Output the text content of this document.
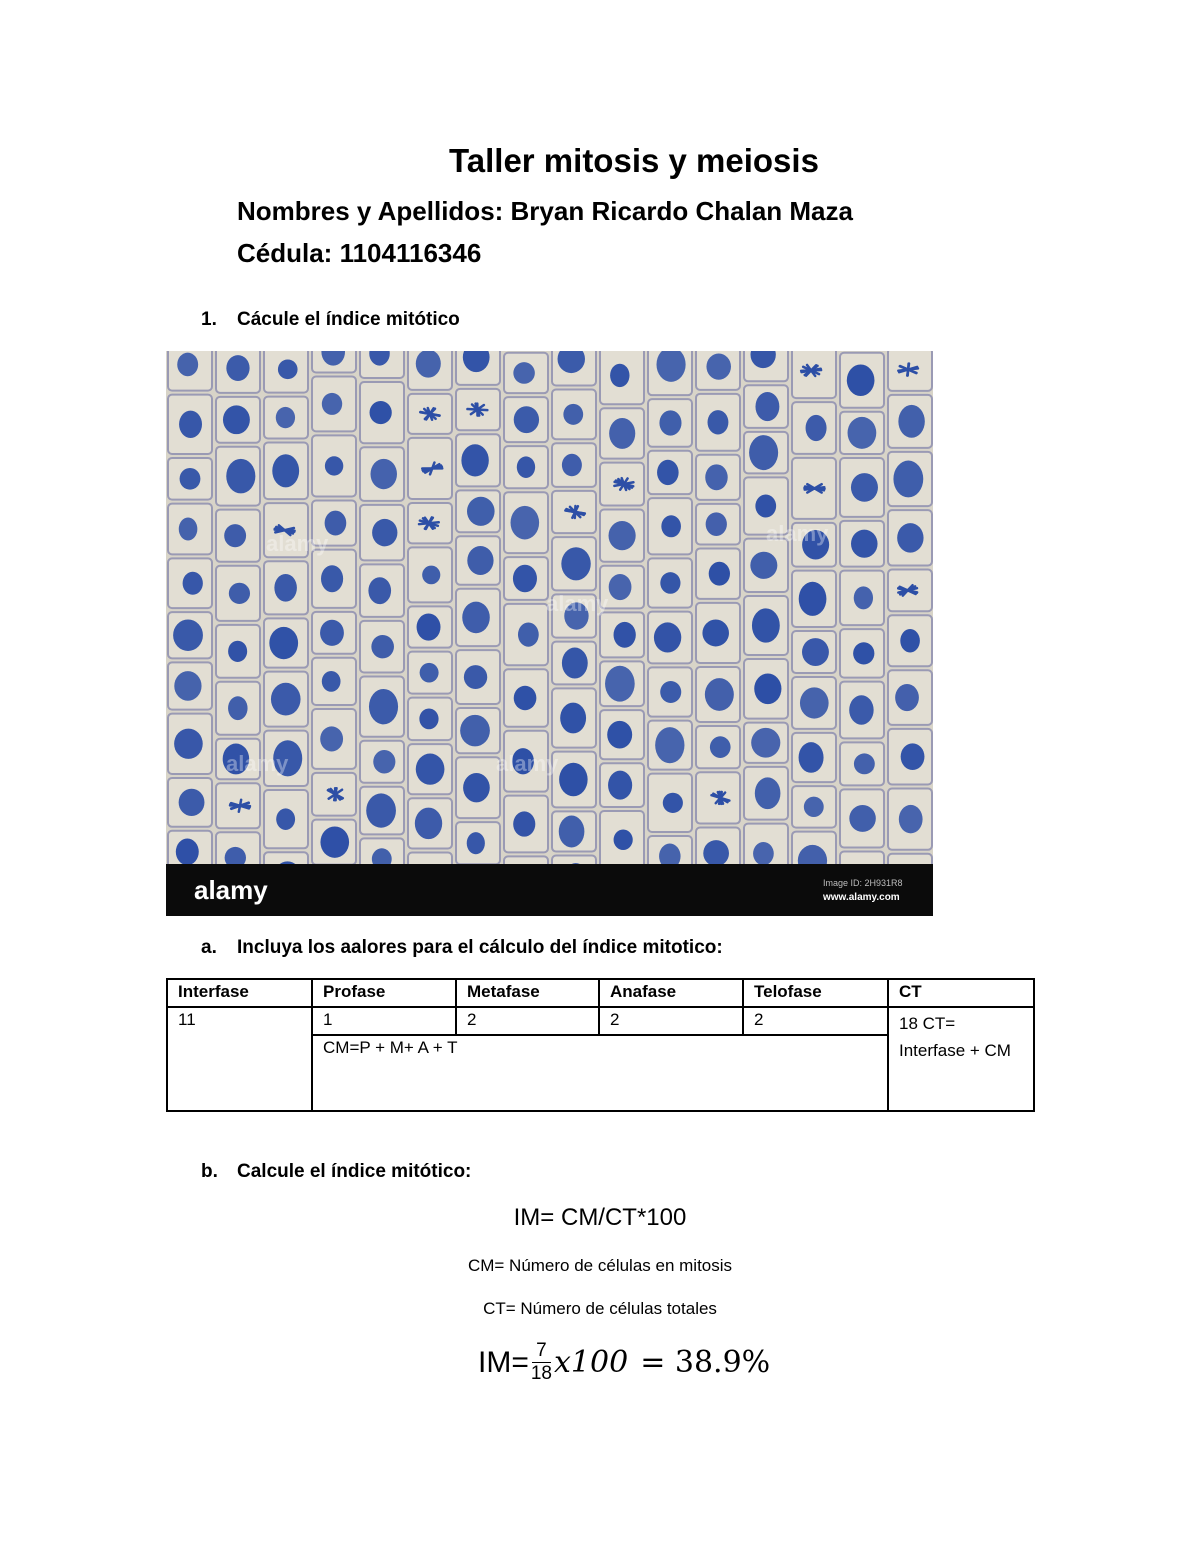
Taller mitosis y meiosis
Nombres y Apellidos: Bryan Ricardo Chalan Maza
Cédula: 1104116346
1. Cácule el índice mitótico
alamy	Image ID: 2H931R8
www.alamy.com
alamy
alamy
alamy
alamy	alamy
a. Incluya los aalores para el cálculo del índice mitotico:
Interfase	Profase	Metafase	Anafase	Telofase	CT
11	1	2	2	2	18 CT= Interfase + CM
	CM=P + M+ A + T				
b. Calcule el índice mitótico:
IM= CM/CT*100
CM= Número de células en mitosis
CT= Número de células totales
$IM= \frac{7}{18} x100 = 38.9\%$
